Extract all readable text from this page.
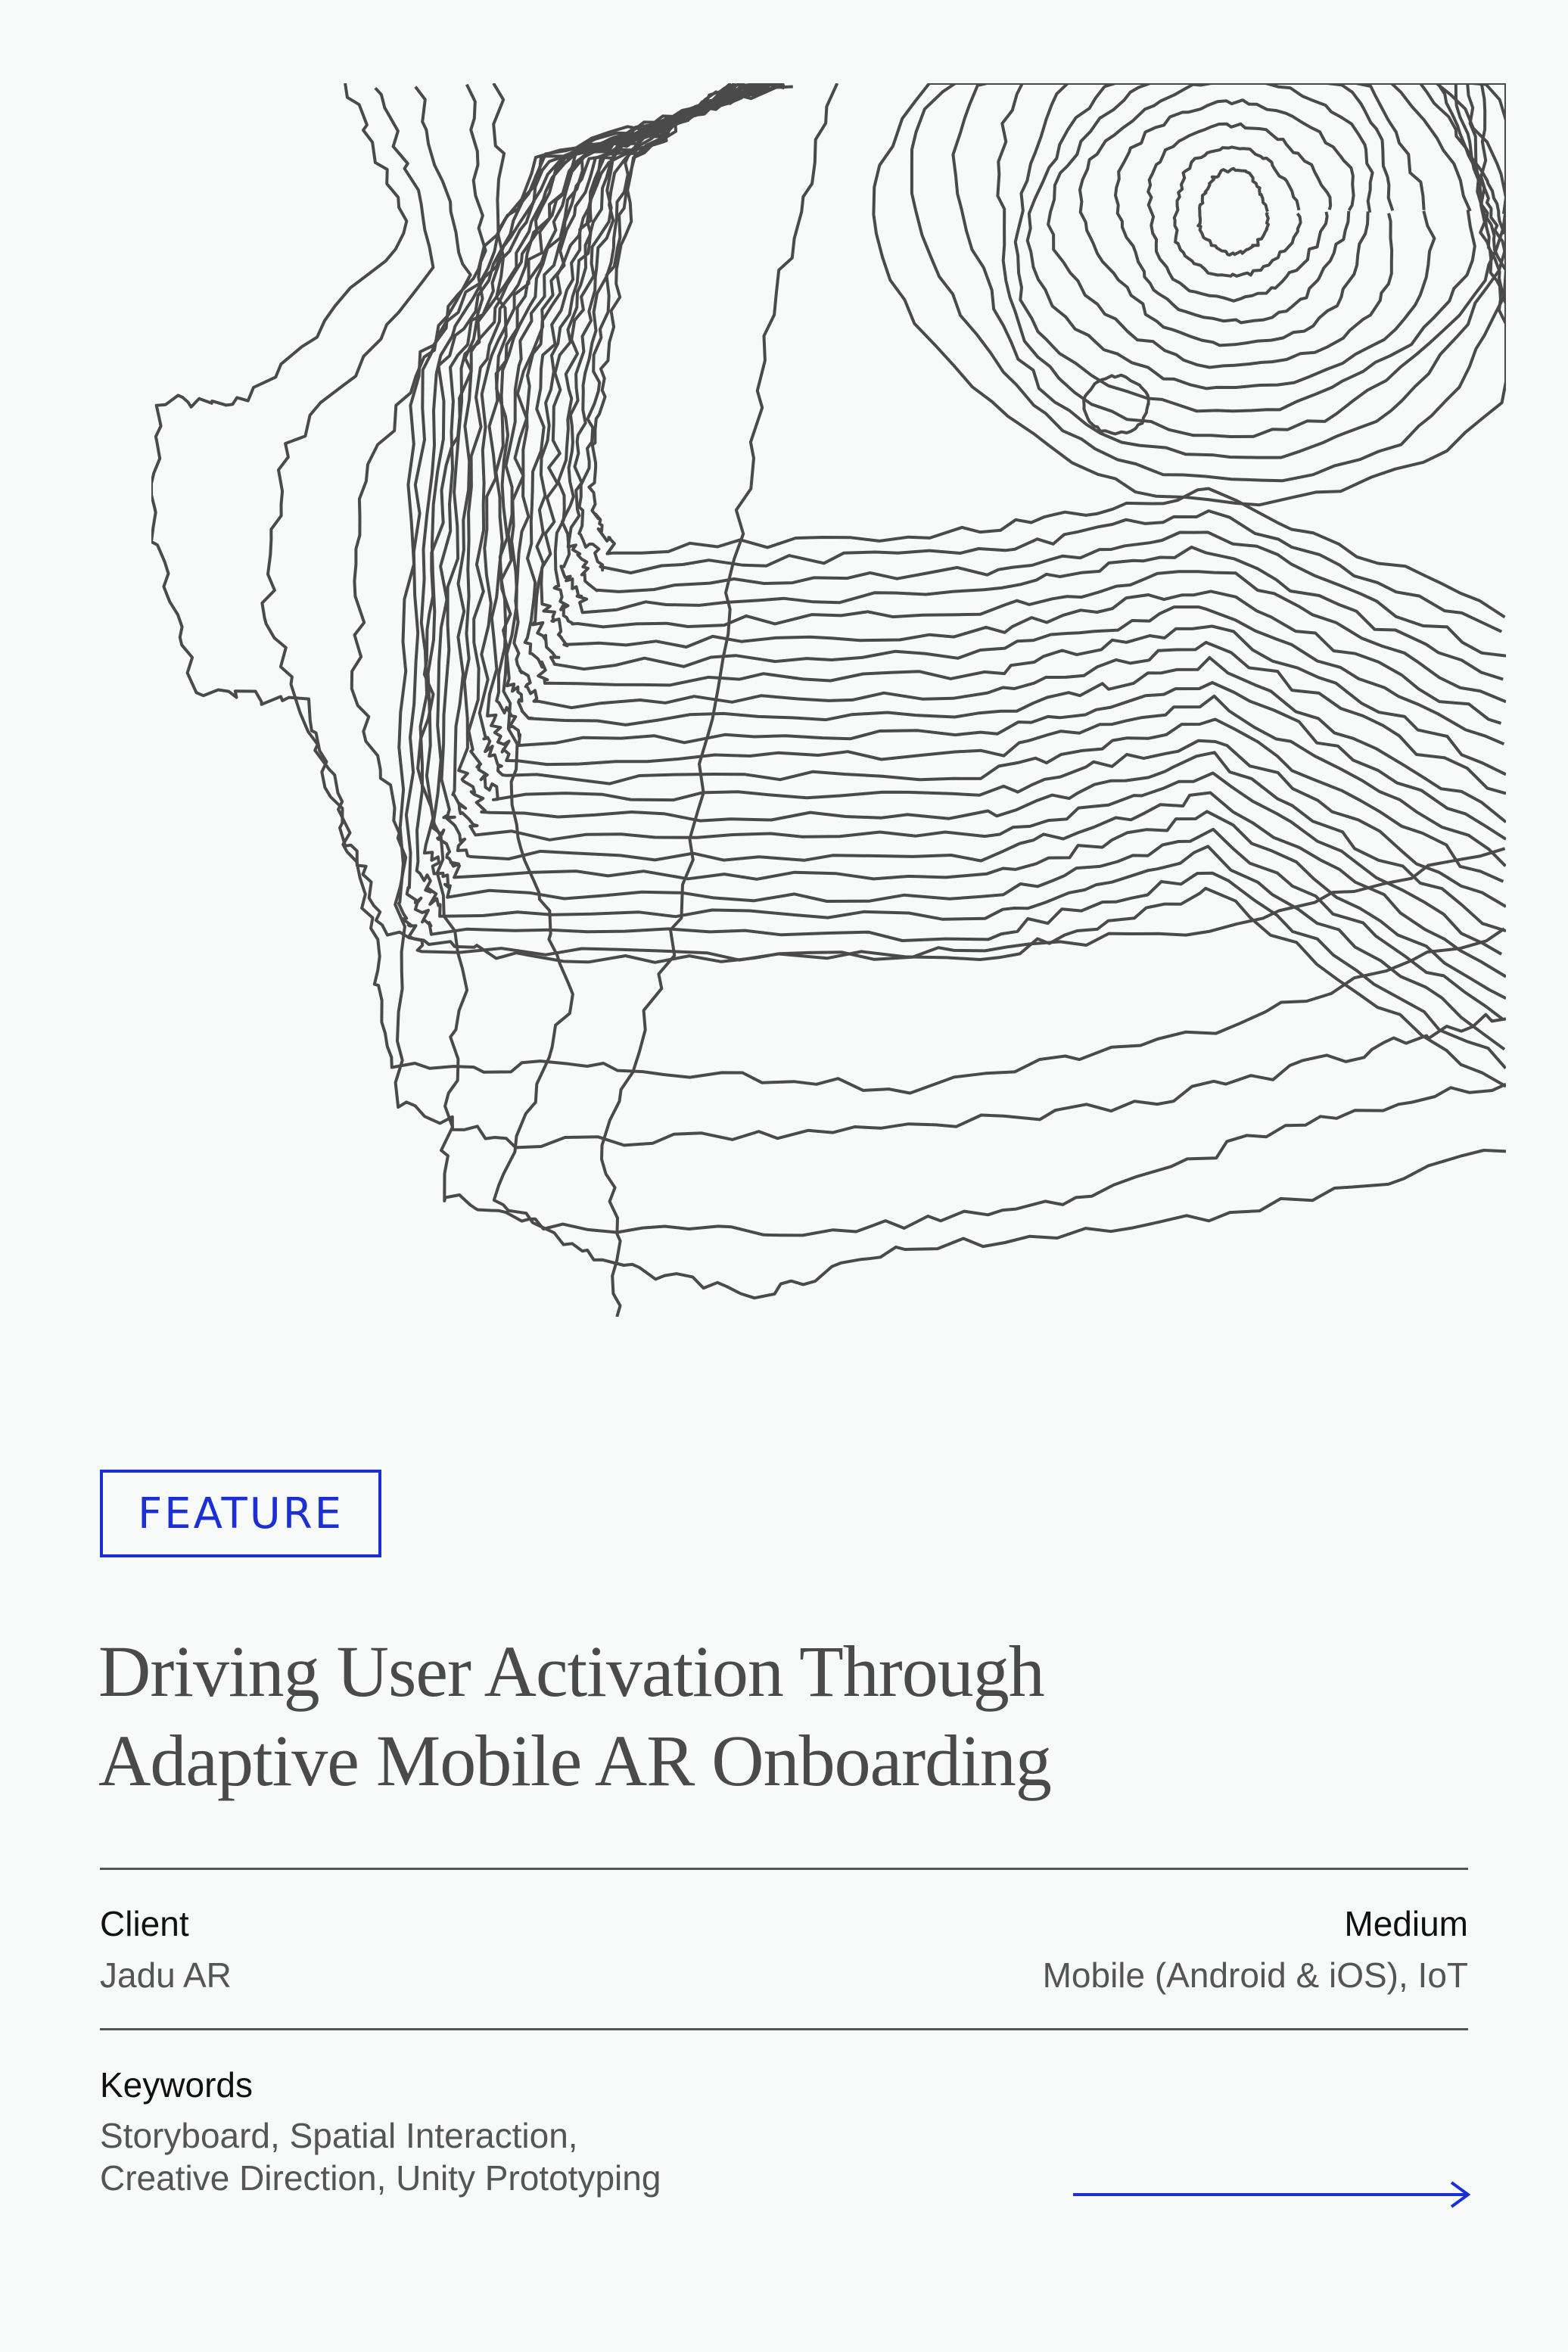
FEATURE
Driving User Activation Through
Adaptive Mobile AR Onboarding
Client
Jadu AR
Medium
Mobile (Android & iOS), IoT
Keywords
Storyboard, Spatial Interaction,
Creative Direction, Unity Prototyping
